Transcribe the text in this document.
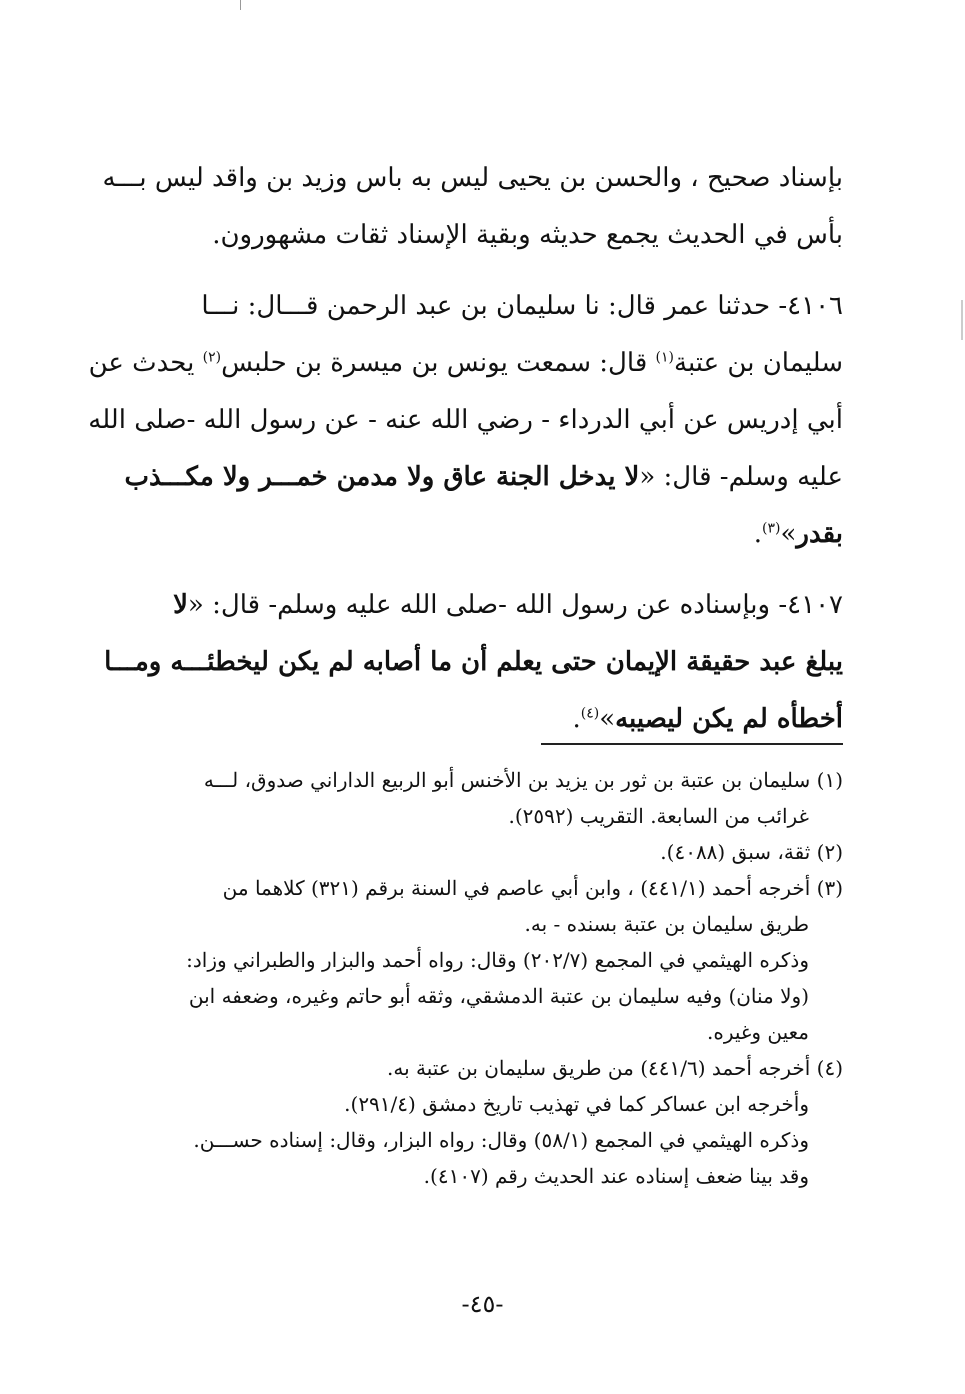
بإسناد صحيح ، والحسن بن يحيى ليس به باس وزيد بن واقد ليس بـــه
بأس في الحديث يجمع حديثه وبقية الإسناد ثقات مشهورون.
٤١٠٦- حدثنا عمر قال: نا سليمان بن عبد الرحمن قـــال: نـــا
سليمان بن عتبة$^{(١)}$ قال: سمعت يونس بن ميسرة بن حلبس$^{(٢)}$ يحدث عن
أبي إدريس عن أبي الدرداء - رضي الله عنه - عن رسول الله -صلى الله
عليه وسلم- قال: «لا يدخل الجنة عاق ولا مدمن خمـــر ولا مكـــذب
بقدر»$^{(٣)}$.
٤١٠٧- وبإسناده عن رسول الله -صلى الله عليه وسلم- قال: «لا
يبلغ عبد حقيقة الإيمان حتى يعلم أن ما أصابه لم يكن ليخطئـــه ومـــا
أخطأه لم يكن ليصيبه»$^{(٤)}$.
(١) سليمان بن عتبة بن ثور بن يزيد بن الأخنس أبو الربيع الداراني صدوق، لـــه
غرائب من السابعة. التقريب (٢٥٩٢).
(٢) ثقة، سبق (٤٠٨٨).
(٣) أخرجه أحمد (٤٤١/١) ، وابن أبي عاصم في السنة برقم (٣٢١) كلاهما من
طريق سليمان بن عتبة بسنده - به.
وذكره الهيثمي في المجمع (٢٠٢/٧) وقال: رواه أحمد والبزار والطبراني وزاد:
(ولا منان) وفيه سليمان بن عتبة الدمشقي، وثقه أبو حاتم وغيره، وضعفه ابن
معين وغيره.
(٤) أخرجه أحمد (٤٤١/٦) من طريق سليمان بن عتبة به.
وأخرجه ابن عساكر كما في تهذيب تاريخ دمشق (٢٩١/٤).
وذكره الهيثمي في المجمع (٥٨/١) وقال: رواه البزار، وقال: إسناده حســـن.
وقد بينا ضعف إسناده عند الحديث رقم (٤١٠٧).
-٤٥-
